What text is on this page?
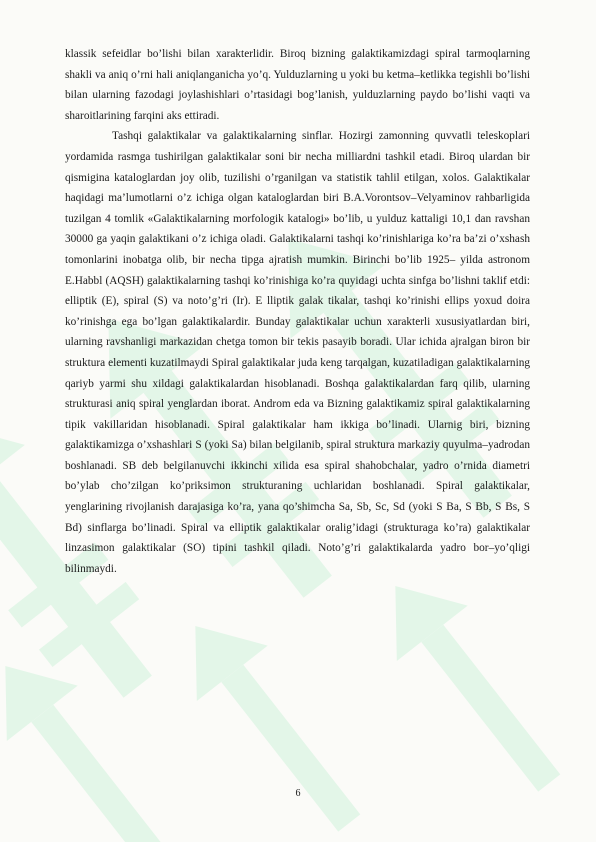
klassik sefeidlar bo’lishi bilan xarakterlidir. Biroq bizning galaktikamizdagi spiral tarmoqlarning shakli va aniq o’rni hali aniqlanganicha yo’q. Yulduzlarning u yoki bu ketma–ketlikka tegishli bo’lishi bilan ularning fazodagi joylashishlari o’rtasidagi bog’lanish, yulduzlarning paydo bo’lishi vaqti va sharoitlarining farqini aks ettiradi.

Tashqi galaktikalar va galaktikalarning sinflar. Hozirgi zamonning quvvatli teleskoplari yordamida rasmga tushirilgan galaktikalar soni bir necha milliardni tashkil etadi. Biroq ulardan bir qismigina kataloglardan joy olib, tuzilishi o’rganilgan va statistik tahlil etilgan, xolos. Galaktikalar haqidagi ma’lumotlarni o’z ichiga olgan kataloglardan biri B.A.Vorontsov–Velyaminov rahbarligida tuzilgan 4 tomlik «Galaktikalarning morfologik katalogi» bo’lib, u yulduz kattaligi 10,1 dan ravshan 30000 ga yaqin galaktikani o’z ichiga oladi. Galaktikalarni tashqi ko’rinishlariga ko’ra ba’zi o’xshash tomonlarini inobatga olib, bir necha tipga ajratish mumkin. Birinchi bo’lib 1925– yilda astronom E.Habbl (AQSH) galaktikalarning tashqi ko’rinishiga ko’ra quyidagi uchta sinfga bo’lishni taklif etdi: elliptik (E), spiral (S) va noto’g’ri (Ir). E lliptik galak tikalar, tashqi ko’rinishi ellips yoxud doira ko’rinishga ega bo’lgan galaktikalardir. Bunday galaktikalar uchun xarakterli xususiyatlardan biri, ularning ravshanligi markazidan chetga tomon bir tekis pasayib boradi. Ular ichida ajralgan biron bir struktura elementi kuzatilmaydi Spiral galaktikalar juda keng tarqalgan, kuzatiladigan galaktikalarning qariyb yarmi shu xildagi galaktikalardan hisoblanadi. Boshqa galaktikalardan farq qilib, ularning strukturasi aniq spiral yenglardan iborat. Androm eda va Bizning galaktikamiz spiral galaktikalarning tipik vakillaridan hisoblanadi. Spiral galaktikalar ham ikkiga bo’linadi. Ularnig biri, bizning galaktikamizga o’xshashlari S (yoki Sa) bilan belgilanib, spiral struktura markaziy quyulma–yadrodan boshlanadi. SB deb belgilanuvchi ikkinchi xilida esa spiral shahobchalar, yadro o’rnida diametri bo’ylab cho’zilgan ko’priksimon strukturaning uchlaridan boshlanadi. Spiral galaktikalar, yenglarining rivojlanish darajasiga ko’ra, yana qo’shimcha Sa, Sb, Sc, Sd (yoki S Ba, S Bb, S Bs, S Bd) sinflarga bo’linadi. Spiral va elliptik galaktikalar oralig’idagi (strukturaga ko’ra) galaktikalar linzasimon galaktikalar (SO) tipini tashkil qiladi. Noto’g’ri galaktikalarda yadro bor–yo’qligi bilinmaydi.

6
